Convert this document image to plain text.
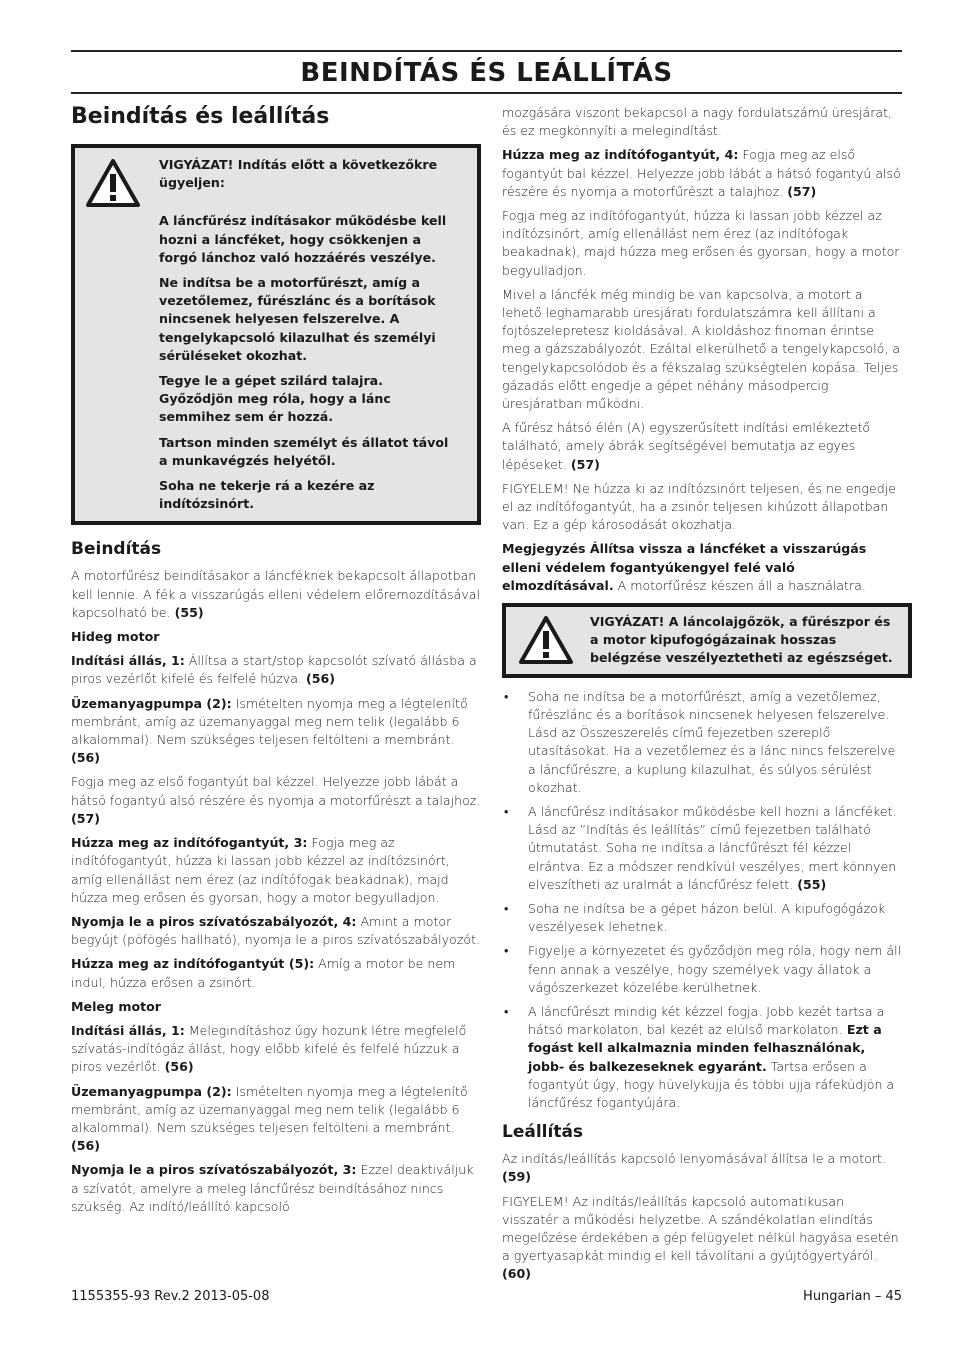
BEINDÍTÁS ÉS LEÁLLÍTÁS
Beindítás és leállítás

VIGYÁZAT! Indítás előtt a következőkre ügyeljen:

A láncfűrész indításakor működésbe kell hozni a láncféket, hogy csökkenjen a forgó lánchoz való hozzáérés veszélye.

Ne indítsa be a motorfűrészt, amíg a vezetőlemez, fűrészlánc és a borítások nincsenek helyesen felszerelve. A tengelykapcsoló kilazulhat és személyi sérüléseket okozhat.

Tegye le a gépet szilárd talajra. Győződjön meg róla, hogy a lánc semmihez sem ér hozzá.

Tartson minden személyt és állatot távol a munkavégzés helyétől.

Soha ne tekerje rá a kezére az indítózsinórt.

Beindítás

A motorfűrész beindításakor a láncféknek bekapcsolt állapotban kell lennie. A fék a visszarúgás elleni védelem előremozdításával kapcsolható be. (55)

Hideg motor

Indítási állás, 1: Állítsa a start/stop kapcsolót szívató állásba a piros vezérlőt kifelé és felfelé húzva. (56)

Üzemanyagpumpa (2): Ismételten nyomja meg a légtelenítő membránt, amíg az üzemanyaggal meg nem telik (legalább 6 alkalommal). Nem szükséges teljesen feltölteni a membránt. (56)

Fogja meg az első fogantyút bal kézzel. Helyezze jobb lábát a hátsó fogantyú alsó részére és nyomja a motorfűrészt a talajhoz. (57)

Húzza meg az indítófogantyút, 3: Fogja meg az indítófogantyút, húzza ki lassan jobb kézzel az indítózsinórt, amíg ellenállást nem érez (az indítófogak beakadnak), majd húzza meg erősen és gyorsan, hogy a motor begyulladjon.

Nyomja le a piros szívatószabályozót, 4: Amint a motor begyújt (pöfögés hallható), nyomja le a piros szívatószabályozót.

Húzza meg az indítófogantyút (5): Amíg a motor be nem indul, húzza erősen a zsinórt.

Meleg motor

Indítási állás, 1: Melegindításhoz úgy hozunk létre megfelelő szívatás-indítógáz állást, hogy előbb kifelé és felfelé húzzuk a piros vezérlőt. (56)

Üzemanyagpumpa (2): Ismételten nyomja meg a légtelenítő membránt, amíg az üzemanyaggal meg nem telik (legalább 6 alkalommal). Nem szükséges teljesen feltölteni a membránt. (56)

Nyomja le a piros szívatószabályozót, 3: Ezzel deaktiváljuk a szívatót, amelyre a meleg láncfűrész beindításához nincs szükség. Az indító/leállító kapcsoló

mozgására viszont bekapcsol a nagy fordulatszámú üresjárat, és ez megkönnyíti a melegindítást.

Húzza meg az indítófogantyút, 4: Fogja meg az első fogantyút bal kézzel. Helyezze jobb lábát a hátsó fogantyú alsó részére és nyomja a motorfűrészt a talajhoz. (57)

Fogja meg az indítófogantyút, húzza ki lassan jobb kézzel az indítózsinórt, amíg ellenállást nem érez (az indítófogak beakadnak), majd húzza meg erősen és gyorsan, hogy a motor begyulladjon.

Mivel a láncfék még mindig be van kapcsolva, a motort a lehető leghamarabb üresjárati fordulatszámra kell állítani a fojtószelepretesz kioldásával. A kioldáshoz finoman érintse meg a gázszabályozót. Ezáltal elkerülhető a tengelykapcsoló, a tengelykapcsolódob és a fékszalag szükségtelen kopása. Teljes gázadás előtt engedje a gépet néhány másodpercig üresjáratban működni.

A fűrész hátsó élén (A) egyszerűsített indítási emlékeztető található, amely ábrák segítségével bemutatja az egyes lépéseket. (57)

FIGYELEM! Ne húzza ki az indítózsinórt teljesen, és ne engedje el az indítófogantyút, ha a zsinór teljesen kihúzott állapotban van. Ez a gép károsodását okozhatja.

Megjegyzés Állítsa vissza a láncféket a visszarúgás elleni védelem fogantyúkengyel felé való elmozdításával. A motorfűrész készen áll a használatra.

VIGYÁZAT! A láncolajgőzök, a fűrészpor és a motor kipufogógázainak hosszas belégzése veszélyeztetheti az egészséget.

• Soha ne indítsa be a motorfűrészt, amíg a vezetőlemez, fűrészlánc és a borítások nincsenek helyesen felszerelve. Lásd az Összeszerelés című fejezetben szereplő utasításokat. Ha a vezetőlemez és a lánc nincs felszerelve a láncfűrészre, a kuplung kilazulhat, és súlyos sérülést okozhat.
• A láncfűrész indításakor működésbe kell hozni a láncféket. Lásd az ”Indítás és leállítás” című fejezetben található útmutatást. Soha ne indítsa a láncfűrészt fél kézzel elrántva. Ez a módszer rendkívül veszélyes, mert könnyen elveszítheti az uralmát a láncfűrész felett. (55)
• Soha ne indítsa be a gépet házon belül. A kipufogógázok veszélyesek lehetnek.
• Figyelje a környezetet és győződjön meg róla, hogy nem áll fenn annak a veszélye, hogy személyek vagy állatok a vágószerkezet közelébe kerülhetnek.
• A láncfűrészt mindig két kézzel fogja. Jobb kezét tartsa a hátsó markolaton, bal kezét az elülső markolaton. Ezt a fogást kell alkalmaznia minden felhasználónak, jobb- és balkezeseknek egyaránt. Tartsa erősen a fogantyút úgy, hogy hüvelykujja és többi ujja ráfeküdjön a láncfűrész fogantyújára.
Leállítás

Az indítás/leállítás kapcsoló lenyomásával állítsa le a motort.
(59)

FIGYELEM! Az indítás/leállítás kapcsoló automatikusan visszatér a működési helyzetbe. A szándékolatlan elindítás megelőzése érdekében a gép felügyelet nélkül hagyása esetén a gyertyasapkát mindig el kell távolítani a gyújtógyertyáról.
(60)

1155355-93 Rev.2 2013-05-08	Hungarian – 45
